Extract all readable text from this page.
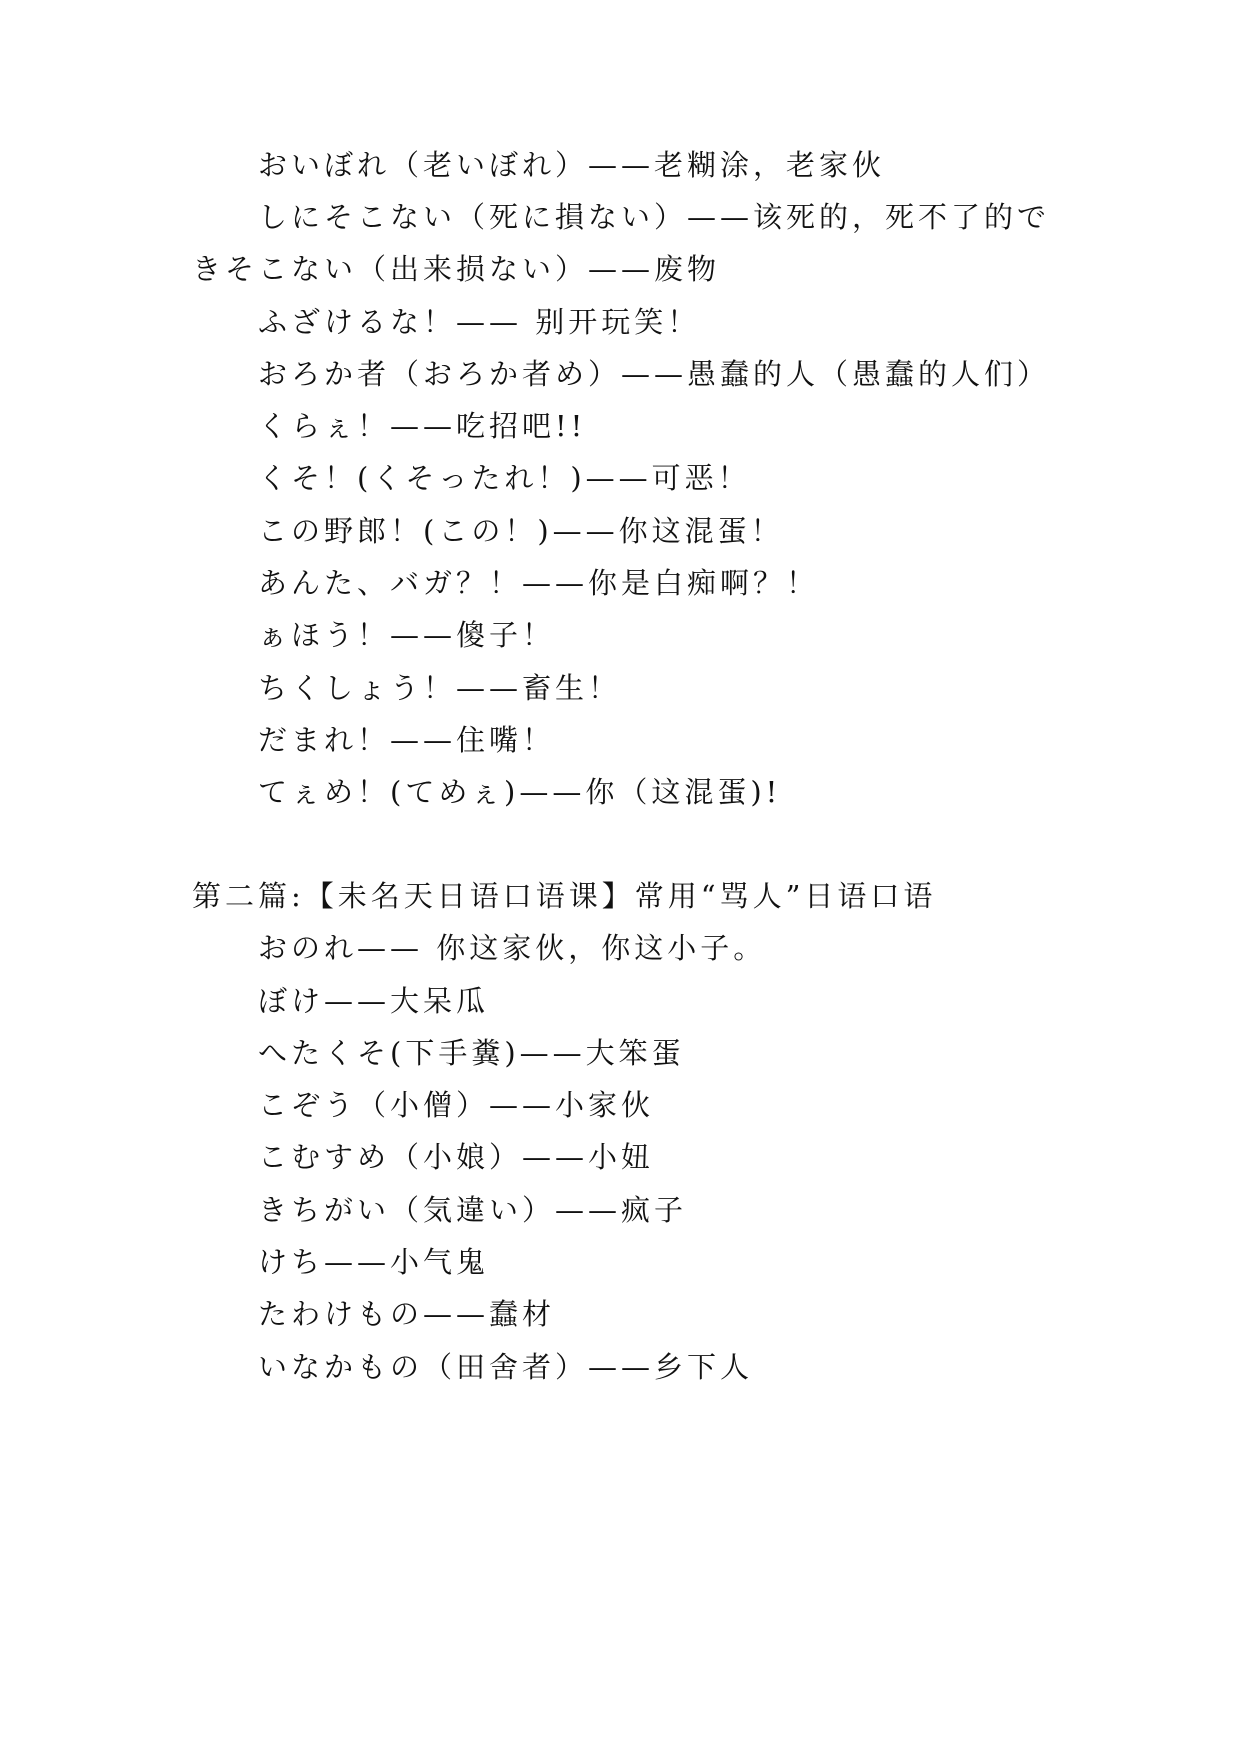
おいぼれ（老いぼれ）——老糊涂，老家伙
しにそこない（死に損ない）——该死的，死不了的で
きそこない（出来损ない）——废物
ふざけるな！—— 别开玩笑！
おろか者（おろか者め）——愚蠢的人（愚蠢的人们）
くらぇ！——吃招吧!!
くそ！(くそったれ！)——可恶！
この野郎！(この！)——你这混蛋！
あんた、バガ？！——你是白痴啊？！
ぁほう！——傻子！
ちくしょう！——畜生！
だまれ！——住嘴！
てぇめ！(てめぇ)——你（这混蛋)!
第二篇:【未名天日语口语课】常用“骂人”日语口语
おのれ—— 你这家伙，你这小子。
ぼけ——大呆瓜
へたくそ(下手糞)——大笨蛋
こぞう（小僧）——小家伙
こむすめ（小娘）——小妞
きちがい（気違い）——疯子
けち——小气鬼
たわけもの——蠢材
いなかもの（田舍者）——乡下人
